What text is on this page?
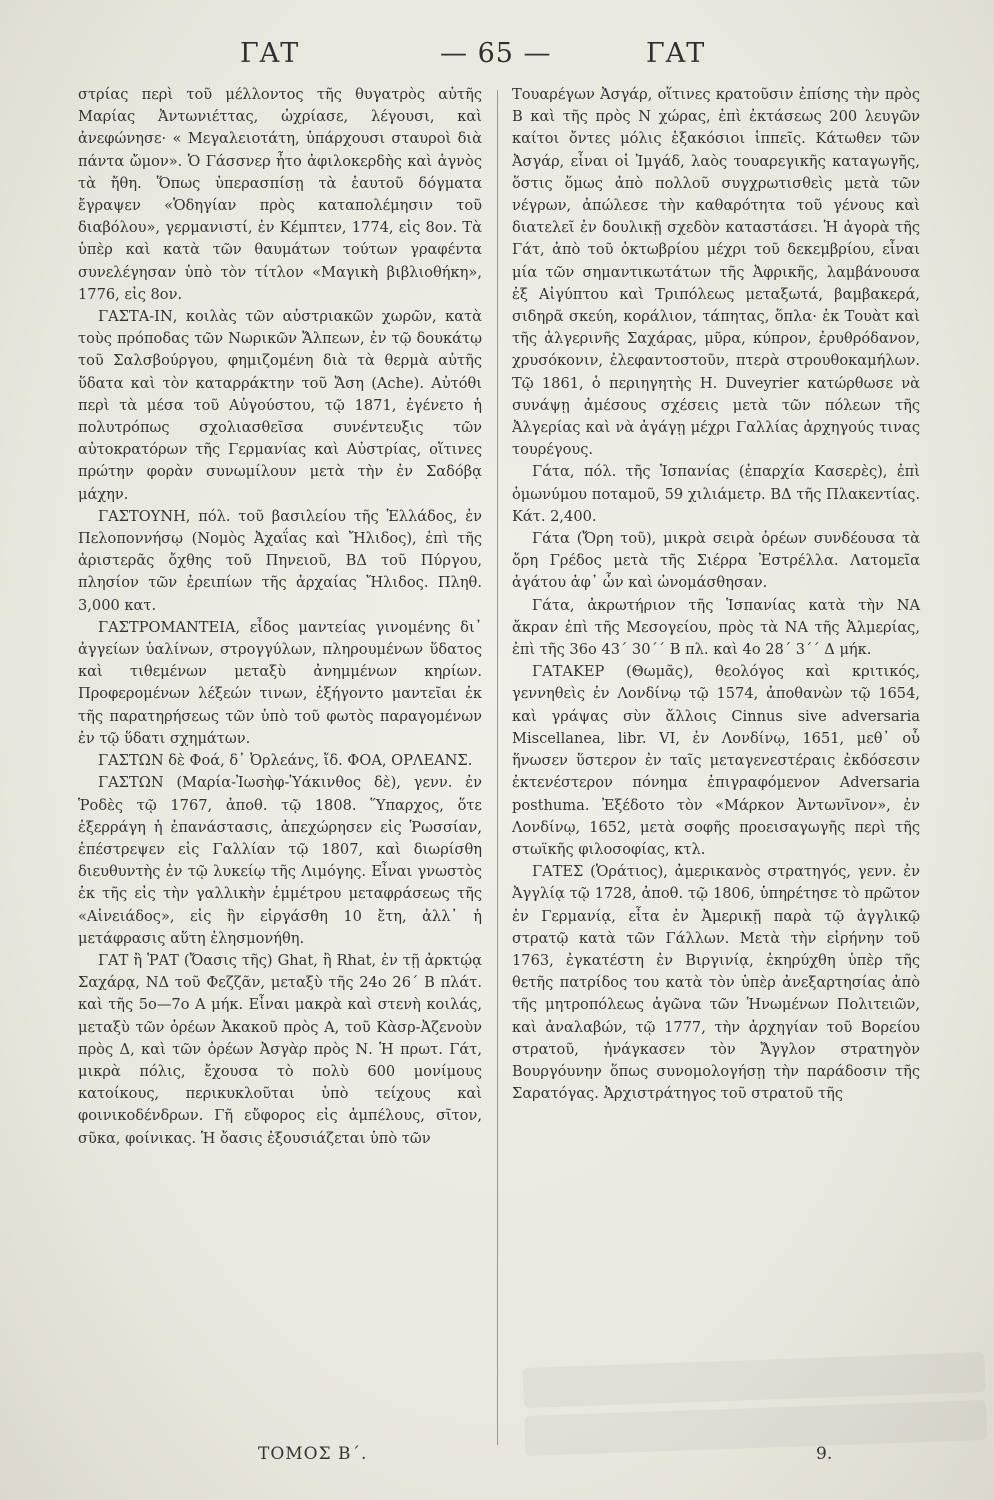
ΓΑΤ	— 65 —	ΓΑΤ

στρίας περὶ τοῦ μέλλοντος τῆς θυγατρὸς αὐτῆς Μαρίας Ἀντωνιέττας, ὠχρίασε, λέγουσι, καὶ ἀνεφώνησε· « Μεγαλειοτάτη, ὑπάρχουσι σταυροὶ διὰ πάντα ὤμον». Ὁ Γάσσνερ ἦτο ἀφιλοκερδὴς καὶ ἁγνὸς τὰ ἤθη. Ὅπως ὑπερασπίσῃ τὰ ἑαυτοῦ δόγματα ἔγραψεν «Ὁδηγίαν πρὸς καταπολέμησιν τοῦ διαβόλου», γερμανιστί, ἐν Κέμπτεν, 1774, εἰς 8ον. Τὰ ὑπὲρ καὶ κατὰ τῶν θαυμάτων τούτων γραφέντα συνελέγησαν ὑπὸ τὸν τίτλον «Μαγικὴ βιβλιοθήκη», 1776, εἰς 8ον.

ΓΑΣΤΑ-ΙΝ, κοιλὰς τῶν αὐστριακῶν χωρῶν, κατὰ τοὺς πρόποδας τῶν Νωρικῶν Ἄλπεων, ἐν τῷ δουκάτῳ τοῦ Σαλσβούργου, φημιζομένη διὰ τὰ θερμὰ αὐτῆς ὕδατα καὶ τὸν καταρράκτην τοῦ Ἄση (Ache). Αὐτόθι περὶ τὰ μέσα τοῦ Αὐγούστου, τῷ 1871, ἐγένετο ἡ πολυτρόπως σχολιασθεῖσα συνέντευξις τῶν αὐτοκρατόρων τῆς Γερμανίας καὶ Αὐστρίας, οἵτινες πρώτην φορὰν συνωμίλουν μετὰ τὴν ἐν Σαδόβᾳ μάχην.

ΓΑΣΤΟΥΝΗ, πόλ. τοῦ βασιλείου τῆς Ἑλλάδος, ἐν Πελοποννήσῳ (Νομὸς Ἀχαΐας καὶ Ἤλιδος), ἐπὶ τῆς ἀριστερᾶς ὄχθης τοῦ Πηνειοῦ, ΒΔ τοῦ Πύργου, πλησίον τῶν ἐρειπίων τῆς ἀρχαίας Ἤλιδος. Πληθ. 3,000 κατ.

ΓΑΣΤΡΟΜΑΝΤΕΙΑ, εἶδος μαντείας γινομένης δι᾽ ἀγγείων ὑαλίνων, στρογγύλων, πληρουμένων ὕδατος καὶ τιθεμένων μεταξὺ ἀνημμένων κηρίων. Προφερομένων λέξεών τινων, ἐξήγοντο μαντεῖαι ἐκ τῆς παρατηρήσεως τῶν ὑπὸ τοῦ φωτὸς παραγομένων ἐν τῷ ὕδατι σχημάτων.

ΓΑΣΤΩΝ δὲ Φοά, δ᾽ Ὀρλεάνς, ἴδ. ΦΟΑ, ΟΡΛΕΑΝΣ.

ΓΑΣΤΩΝ (Μαρία-Ἰωσὴφ-Ὑάκινθος δὲ), γενν. ἐν Ῥοδὲς τῷ 1767, ἀποθ. τῷ 1808. Ὕπαρχος, ὅτε ἐξερράγη ἡ ἐπανάστασις, ἀπεχώρησεν εἰς Ῥωσσίαν, ἐπέστρεψεν εἰς Γαλλίαν τῷ 1807, καὶ διωρίσθη διευθυντὴς ἐν τῷ λυκείῳ τῆς Λιμόγης. Εἶναι γνωστὸς ἐκ τῆς εἰς τὴν γαλλικὴν ἐμμέτρου μεταφράσεως τῆς «Αἰνειάδος», εἰς ἣν εἰργάσθη 10 ἔτη, ἀλλ᾽ ἡ μετάφρασις αὕτη ἐλησμονήθη.

ΓΑΤ ἢ ῬΑΤ (Ὄασις τῆς) Ghat, ἢ Rhat, ἐν τῇ ἀρκτῴᾳ Σαχάρᾳ, ΝΔ τοῦ Φεζζᾶν, μεταξὺ τῆς 24ο 26΄ Β πλάτ. καὶ τῆς 5ο—7ο Α μήκ. Εἶναι μακρὰ καὶ στενὴ κοιλάς, μεταξὺ τῶν ὀρέων Ἀκακοῦ πρὸς Α, τοῦ Κὰσρ-Ἀζενοὺν πρὸς Δ, καὶ τῶν ὀρέων Ἀσγὰρ πρὸς Ν. Ἡ πρωτ. Γάτ, μικρὰ πόλις, ἔχουσα τὸ πολὺ 600 μονίμους κατοίκους, περικυκλοῦται ὑπὸ τείχους καὶ φοινικοδένδρων. Γῆ εὔφορος εἰς ἀμπέλους, σῖτον, σῦκα, φοίνικας. Ἡ ὄασις ἐξουσιάζεται ὑπὸ τῶν

Τουαρέγων Ἀσγάρ, οἵτινες κρατοῦσιν ἐπίσης τὴν πρὸς Β καὶ τῆς πρὸς Ν χώρας, ἐπὶ ἐκτάσεως 200 λευγῶν καίτοι ὄντες μόλις ἑξακόσιοι ἱππεῖς. Κάτωθεν τῶν Ἀσγάρ, εἶναι οἱ Ἰμγάδ, λαὸς τουαρεγικῆς καταγωγῆς, ὅστις ὅμως ἀπὸ πολλοῦ συγχρωτισθεὶς μετὰ τῶν νέγρων, ἀπώλεσε τὴν καθαρότητα τοῦ γένους καὶ διατελεῖ ἐν δουλικῇ σχεδὸν καταστάσει. Ἡ ἀγορὰ τῆς Γάτ, ἀπὸ τοῦ ὀκτωβρίου μέχρι τοῦ δεκεμβρίου, εἶναι μία τῶν σημαντικωτάτων τῆς Ἀφρικῆς, λαμβάνουσα ἐξ Αἰγύπτου καὶ Τριπόλεως μεταξωτά, βαμβακερά, σιδηρᾶ σκεύη, κοράλιον, τάπητας, ὅπλα· ἐκ Τουὰτ καὶ τῆς ἀλγερινῆς Σαχάρας, μῦρα, κύπρον, ἐρυθρόδανον, χρυσόκονιν, ἐλεφαντοστοῦν, πτερὰ στρουθοκαμήλων. Τῷ 1861, ὁ περιηγητὴς Η. Duveyrier κατώρθωσε νὰ συνάψῃ ἀμέσους σχέσεις μετὰ τῶν πόλεων τῆς Ἀλγερίας καὶ νὰ ἀγάγῃ μέχρι Γαλλίας ἀρχηγούς τινας τουρέγους.

Γάτα, πόλ. τῆς Ἱσπανίας (ἐπαρχία Κασερὲς), ἐπὶ ὁμωνύμου ποταμοῦ, 59 χιλιάμετρ. ΒΔ τῆς Πλακεντίας. Κάτ. 2,400.

Γάτα (Ὄρη τοῦ), μικρὰ σειρὰ ὀρέων συνδέουσα τὰ ὄρη Γρέδος μετὰ τῆς Σιέρρα Ἐστρέλλα. Λατομεῖα ἀγάτου ἀφ᾽ ὧν καὶ ὠνομάσθησαν.

Γάτα, ἀκρωτήριον τῆς Ἱσπανίας κατὰ τὴν ΝΑ ἄκραν ἐπὶ τῆς Μεσογείου, πρὸς τὰ ΝΑ τῆς Ἀλμερίας, ἐπὶ τῆς 36ο 43΄ 30΄΄ Β πλ. καὶ 4ο 28΄ 3΄΄ Δ μήκ.

ΓΑΤΑΚΕΡ (Θωμᾶς), θεολόγος καὶ κριτικός, γεννηθεὶς ἐν Λονδίνῳ τῷ 1574, ἀποθανὼν τῷ 1654, καὶ γράψας σὺν ἄλλοις Cinnus sive adversaria Miscellanea, libr. VI, ἐν Λονδίνῳ, 1651, μεθ᾽ οὗ ἥνωσεν ὕστερον ἐν ταῖς μεταγενεστέραις ἐκδόσεσιν ἐκτενέστερον πόνημα ἐπιγραφόμενον Adversaria posthuma. Ἐξέδοτο τὸν «Μάρκον Ἀντωνῖνον», ἐν Λονδίνῳ, 1652, μετὰ σοφῆς προεισαγωγῆς περὶ τῆς στωϊκῆς φιλοσοφίας, κτλ.

ΓΑΤΕΣ (Ὁράτιος), ἀμερικανὸς στρατηγός, γενν. ἐν Ἀγγλίᾳ τῷ 1728, ἀποθ. τῷ 1806, ὑπηρέτησε τὸ πρῶτον ἐν Γερμανίᾳ, εἶτα ἐν Ἀμερικῇ παρὰ τῷ ἀγγλικῷ στρατῷ κατὰ τῶν Γάλλων. Μετὰ τὴν εἰρήνην τοῦ 1763, ἐγκατέστη ἐν Βιργινίᾳ, ἐκηρύχθη ὑπὲρ τῆς θετῆς πατρίδος του κατὰ τὸν ὑπὲρ ἀνεξαρτησίας ἀπὸ τῆς μητροπόλεως ἀγῶνα τῶν Ἡνωμένων Πολιτειῶν, καὶ ἀναλαβών, τῷ 1777, τὴν ἀρχηγίαν τοῦ Βορείου στρατοῦ, ἠνάγκασεν τὸν Ἄγγλον στρατηγὸν Βουργόυνην ὅπως συνομολογήσῃ τὴν παράδοσιν τῆς Σαρατόγας. Ἀρχιστράτηγος τοῦ στρατοῦ τῆς

ΤΟΜΟΣ Β΄.	9.
